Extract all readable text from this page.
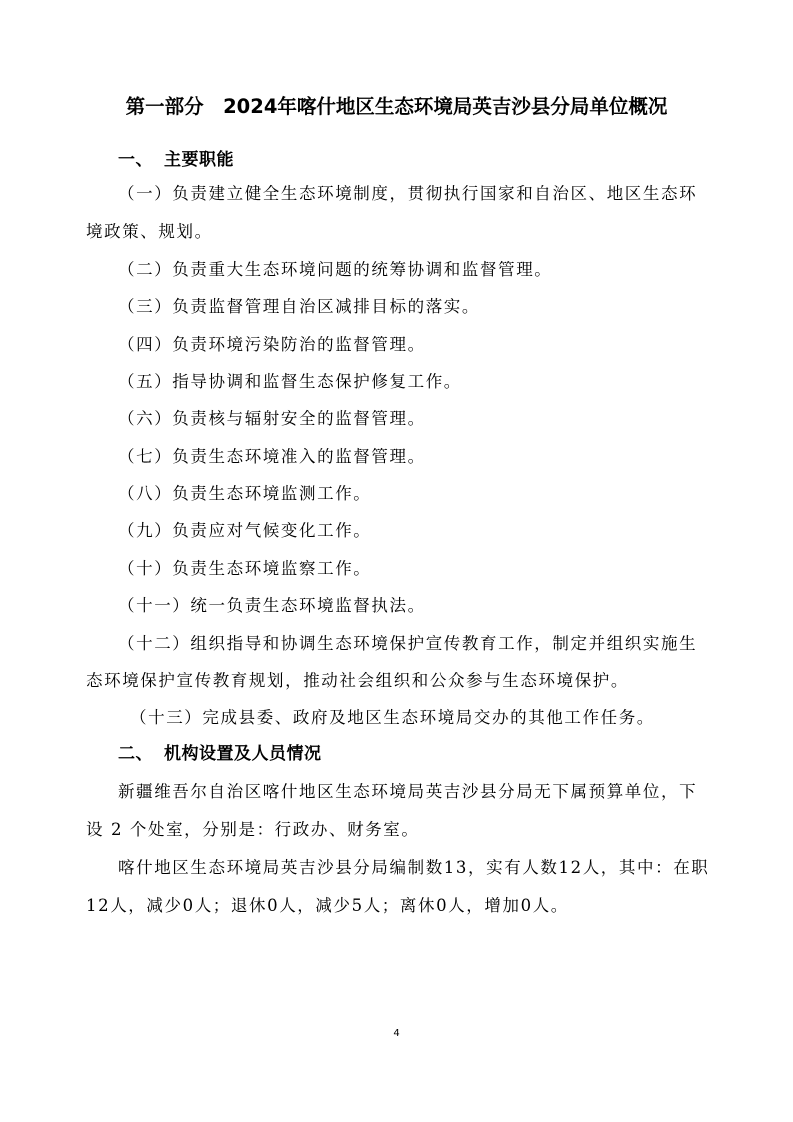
第一部分　2024年喀什地区生态环境局英吉沙县分局单位概况
一、 主要职能
（一）负责建立健全生态环境制度，贯彻执行国家和自治区、地区生态环
境政策、规划。
（二）负责重大生态环境问题的统筹协调和监督管理。
（三）负责监督管理自治区减排目标的落实。
（四）负责环境污染防治的监督管理。
（五）指导协调和监督生态保护修复工作。
（六）负责核与辐射安全的监督管理。
（七）负责生态环境准入的监督管理。
（八）负责生态环境监测工作。
（九）负责应对气候变化工作。
（十）负责生态环境监察工作。
（十一）统一负责生态环境监督执法。
（十二）组织指导和协调生态环境保护宣传教育工作，制定并组织实施生
态环境保护宣传教育规划，推动社会组织和公众参与生态环境保护。
（十三）完成县委、政府及地区生态环境局交办的其他工作任务。
二、 机构设置及人员情况
新疆维吾尔自治区喀什地区生态环境局英吉沙县分局无下属预算单位，下
设 2 个处室，分别是：行政办、财务室。
喀什地区生态环境局英吉沙县分局编制数13，实有人数12人，其中：在职
12人，减少0人；退休0人，减少5人；离休0人，增加0人。
4
